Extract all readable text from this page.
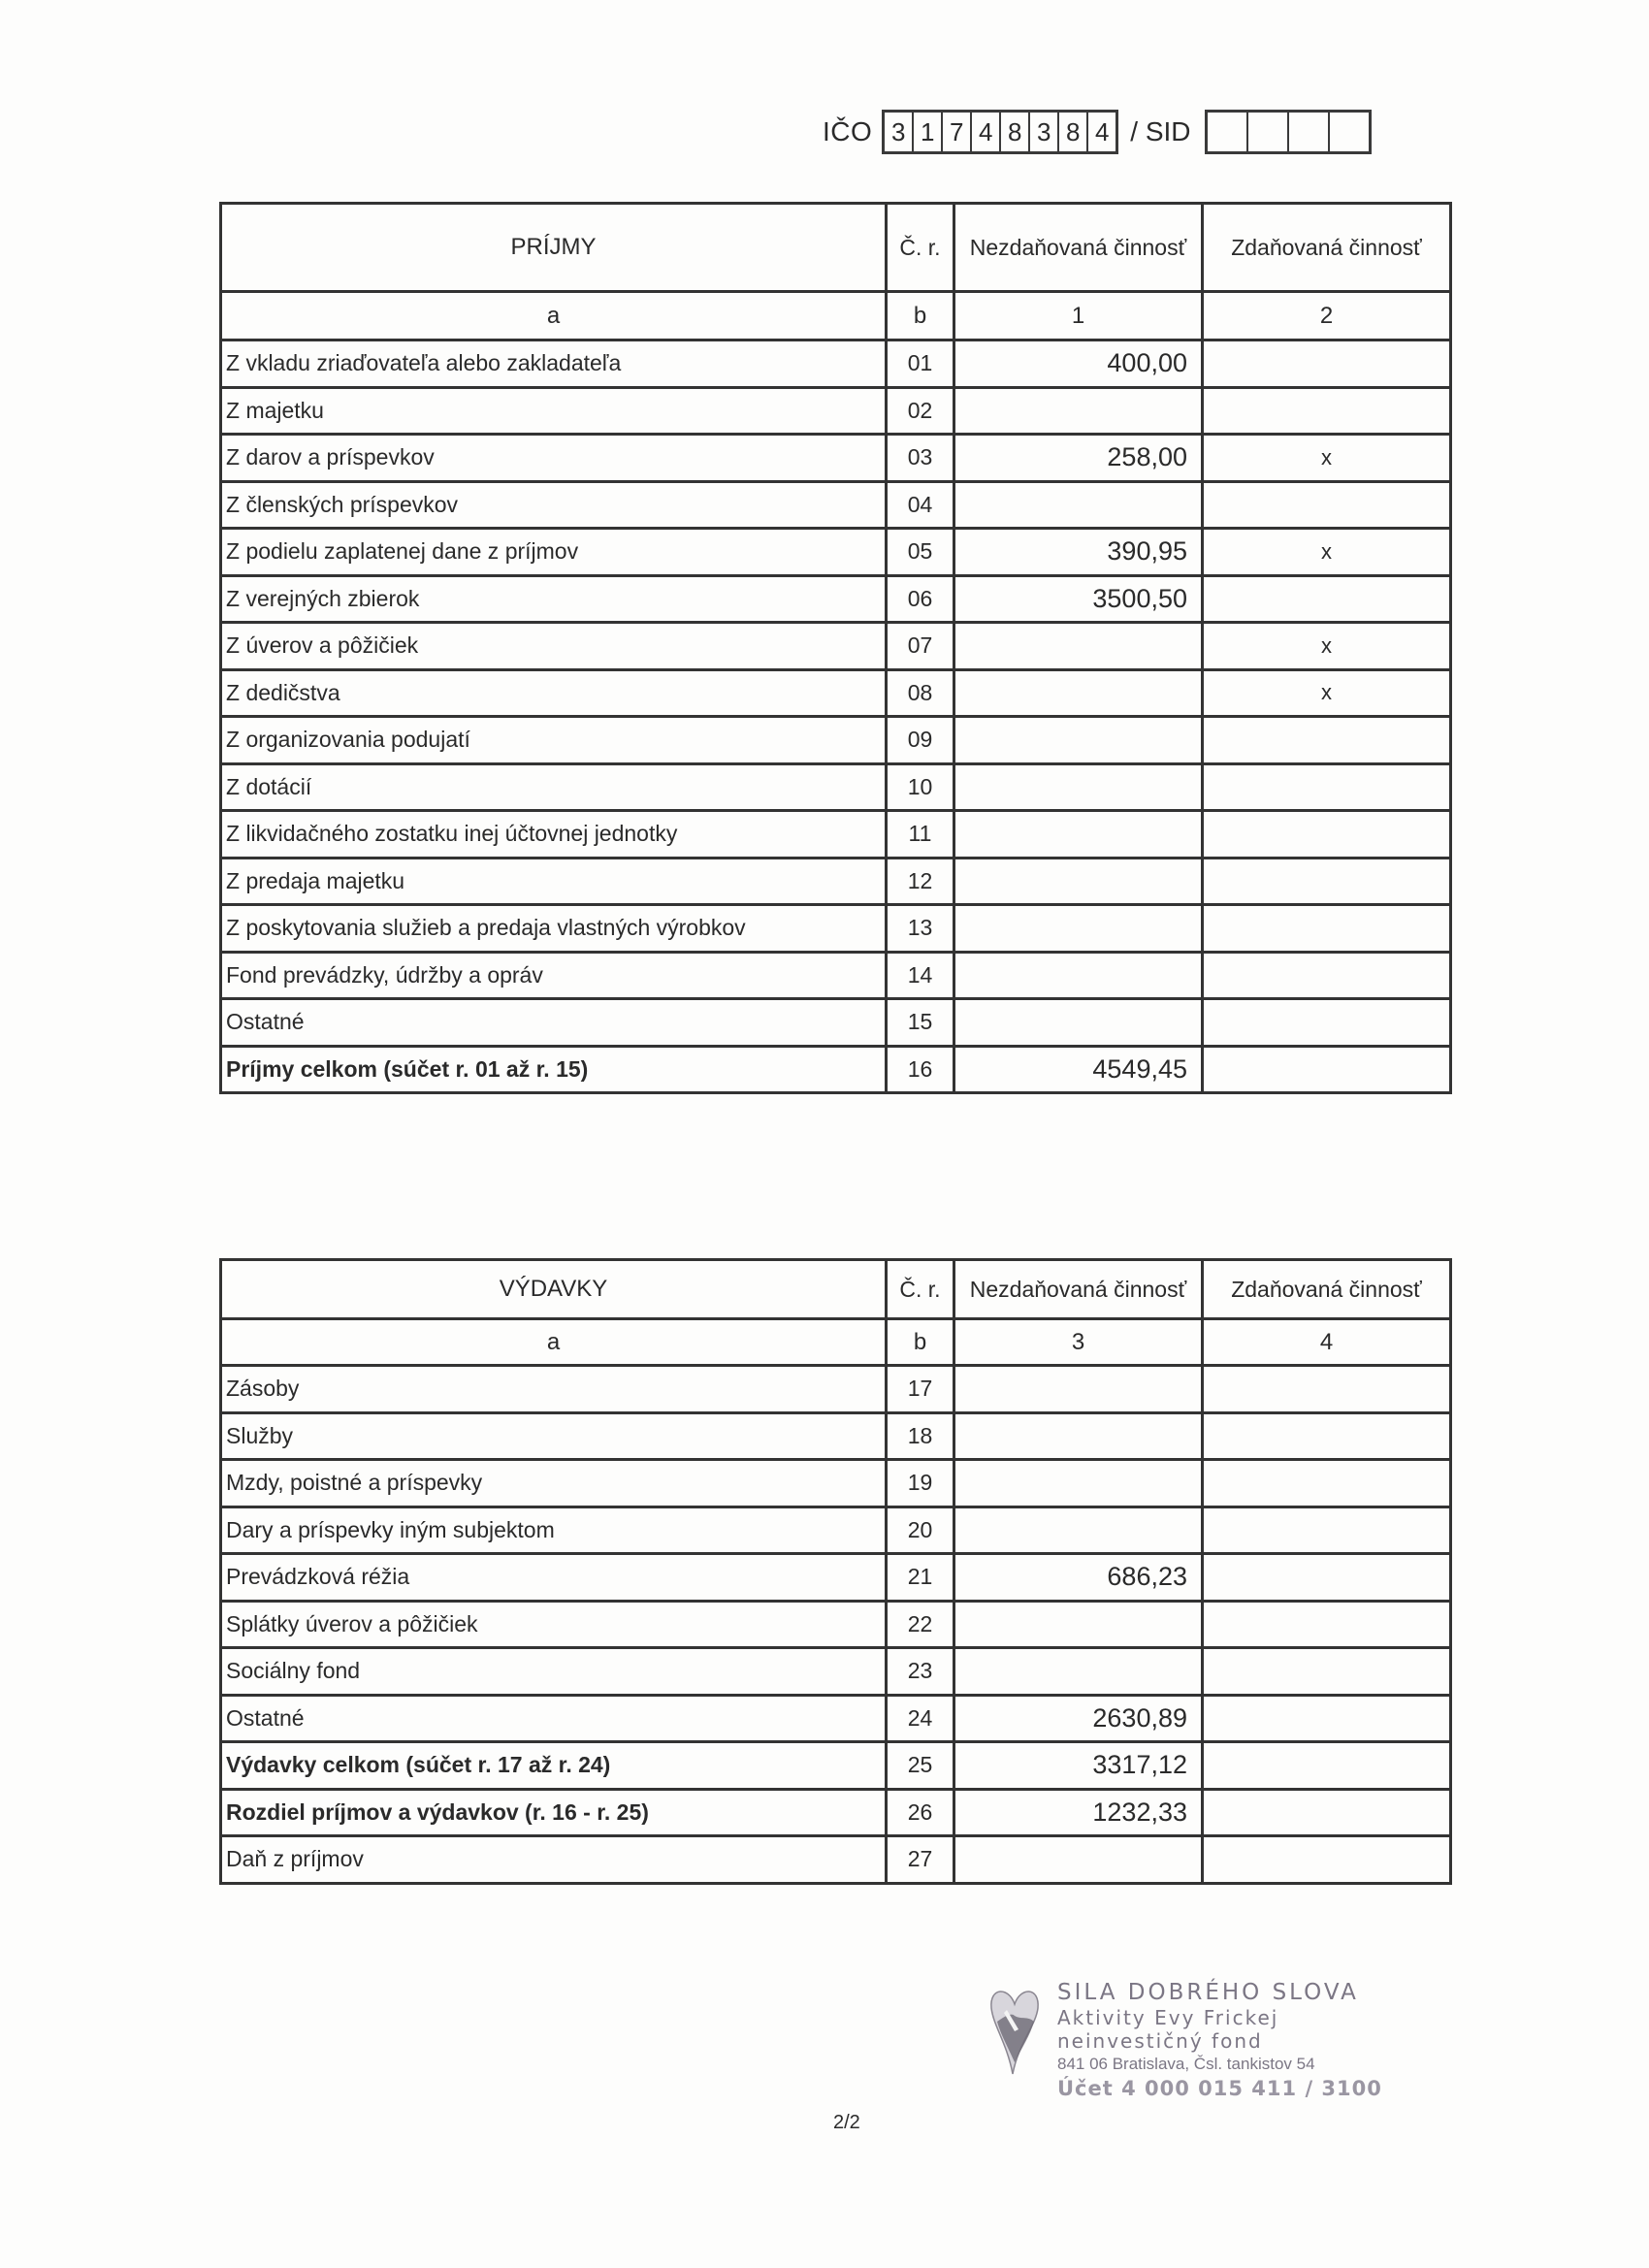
IČO 3 1 7 4 8 3 8 4 / SID
PRÍJMY	Č. r.	Nezdaňovaná činnosť	Zdaňovaná činnosť
a	b	1	2
Z vkladu zriaďovateľa alebo zakladateľa	01	400,00	
Z majetku	02		
Z darov a príspevkov	03	258,00	x
Z členských príspevkov	04		
Z podielu zaplatenej dane z príjmov	05	390,95	x
Z verejných zbierok	06	3500,50	
Z úverov a pôžičiek	07		x
Z dedičstva	08		x
Z organizovania podujatí	09		
Z dotácií	10		
Z likvidačného zostatku inej účtovnej jednotky	11		
Z predaja majetku	12		
Z poskytovania služieb a predaja vlastných výrobkov	13		
Fond prevádzky, údržby a opráv	14		
Ostatné	15		
Príjmy celkom (súčet r. 01 až r. 15)	16	4549,45	
VÝDAVKY	Č. r.	Nezdaňovaná činnosť	Zdaňovaná činnosť
a	b	3	4
Zásoby	17		
Služby	18		
Mzdy, poistné a príspevky	19		
Dary a príspevky iným subjektom	20		
Prevádzková réžia	21	686,23	
Splátky úverov a pôžičiek	22		
Sociálny fond	23		
Ostatné	24	2630,89	
Výdavky celkom (súčet r. 17 až r. 24)	25	3317,12	
Rozdiel príjmov a výdavkov (r. 16 - r. 25)	26	1232,33	
Daň z príjmov	27		
2/2
SILA DOBRÉHO SLOVA
Aktivity Evy Frickej
neinvestičný fond
841 06 Bratislava, Čsl. tankistov 54
Účet 4 000 015 411 / 3100
